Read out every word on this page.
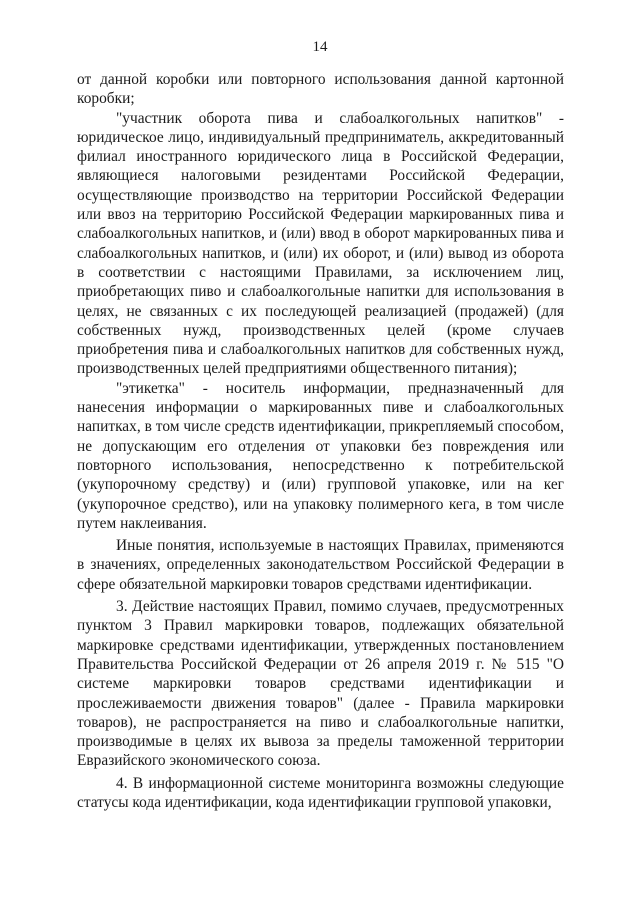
14

от данной коробки или повторного использования данной картонной коробки;

"участник оборота пива и слабоалкогольных напитков" - юридическое лицо, индивидуальный предприниматель, аккредитованный филиал иностранного юридического лица в Российской Федерации, являющиеся налоговыми резидентами Российской Федерации, осуществляющие производство на территории Российской Федерации или ввоз на территорию Российской Федерации маркированных пива и слабоалкогольных напитков, и (или) ввод в оборот маркированных пива и слабоалкогольных напитков, и (или) их оборот, и (или) вывод из оборота в соответствии с настоящими Правилами, за исключением лиц, приобретающих пиво и слабоалкогольные напитки для использования в целях, не связанных с их последующей реализацией (продажей) (для собственных нужд, производственных целей (кроме случаев приобретения пива и слабоалкогольных напитков для собственных нужд, производственных целей предприятиями общественного питания);

"этикетка" - носитель информации, предназначенный для нанесения информации о маркированных пиве и слабоалкогольных напитках, в том числе средств идентификации, прикрепляемый способом, не допускающим его отделения от упаковки без повреждения или повторного использования, непосредственно к потребительской (укупорочному средству) и (или) групповой упаковке, или на кег (укупорочное средство), или на упаковку полимерного кега, в том числе путем наклеивания.

Иные понятия, используемые в настоящих Правилах, применяются в значениях, определенных законодательством Российской Федерации в сфере обязательной маркировки товаров средствами идентификации.

3. Действие настоящих Правил, помимо случаев, предусмотренных пунктом 3 Правил маркировки товаров, подлежащих обязательной маркировке средствами идентификации, утвержденных постановлением Правительства Российской Федерации от 26 апреля 2019 г. № 515 "О системе маркировки товаров средствами идентификации и прослеживаемости движения товаров" (далее - Правила маркировки товаров), не распространяется на пиво и слабоалкогольные напитки, производимые в целях их вывоза за пределы таможенной территории Евразийского экономического союза.

4. В информационной системе мониторинга возможны следующие статусы кода идентификации, кода идентификации групповой упаковки,
